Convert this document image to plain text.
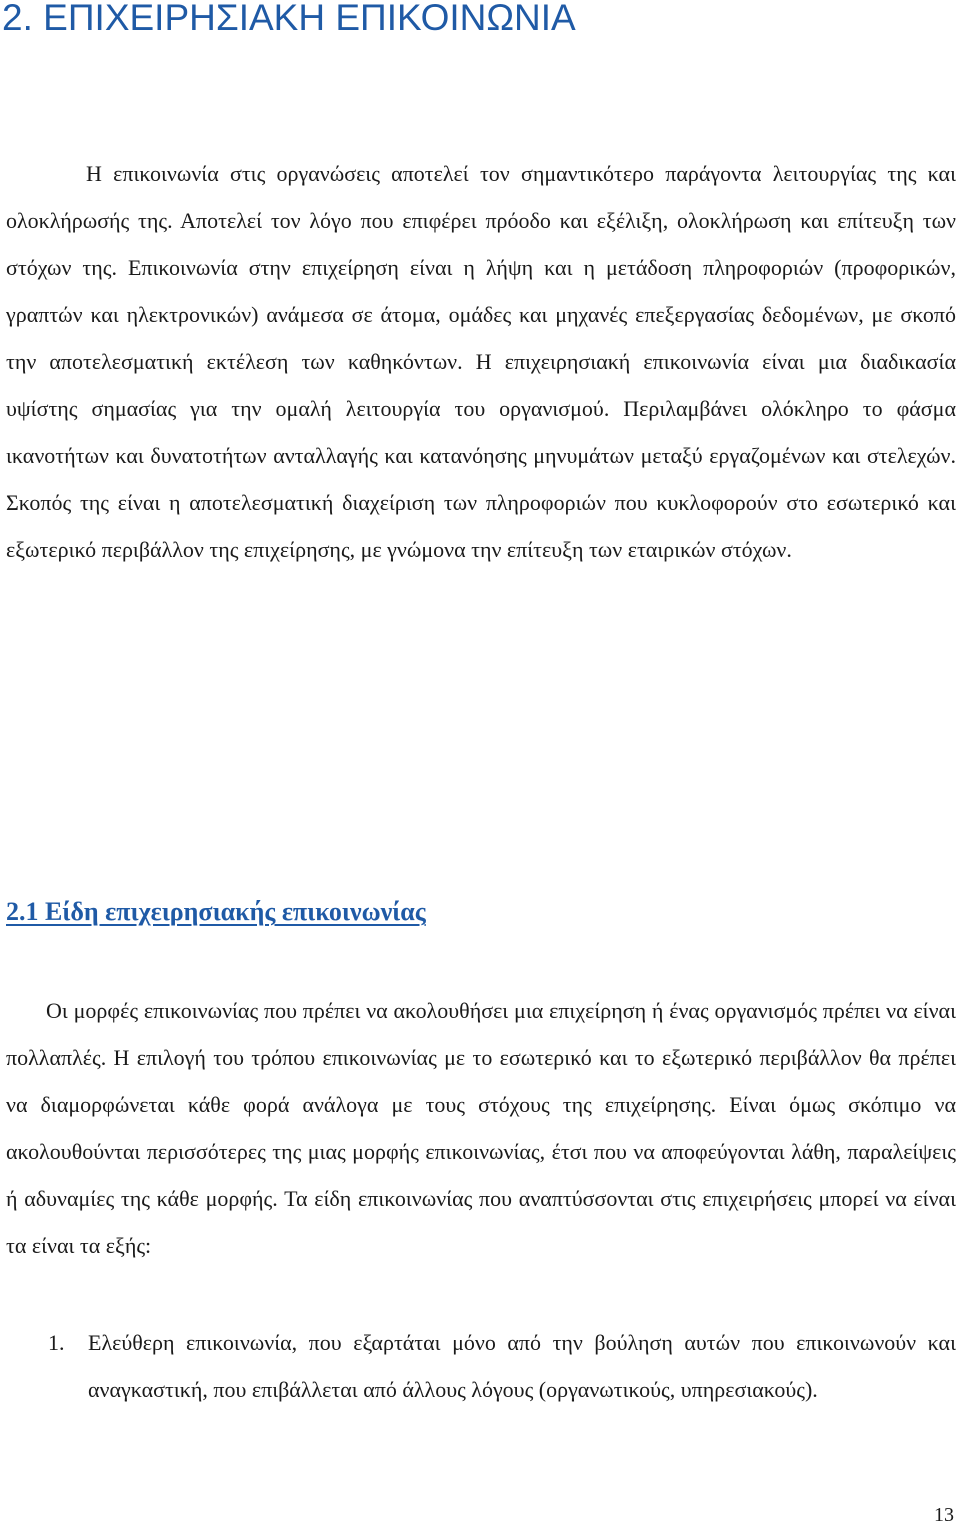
2. ΕΠΙΧΕΙΡΗΣΙΑΚΗ ΕΠΙΚΟΙΝΩΝΙΑ

Η επικοινωνία στις οργανώσεις αποτελεί τον σημαντικότερο παράγοντα λειτουργίας της και ολοκλήρωσής της. Αποτελεί τον λόγο που επιφέρει πρόοδο και εξέλιξη, ολοκλήρωση και επίτευξη των στόχων της. Επικοινωνία στην επιχείρηση είναι η λήψη και η μετάδοση πληροφοριών (προφορικών, γραπτών και ηλεκτρονικών) ανάμεσα σε άτομα, ομάδες και μηχανές επεξεργασίας δεδομένων, με σκοπό την αποτελεσματική εκτέλεση των καθηκόντων. Η επιχειρησιακή επικοινωνία είναι μια διαδικασία υψίστης σημασίας για την ομαλή λειτουργία του οργανισμού. Περιλαμβάνει ολόκληρο το φάσμα ικανοτήτων και δυνατοτήτων ανταλλαγής και κατανόησης μηνυμάτων μεταξύ εργαζομένων και στελεχών. Σκοπός της είναι η αποτελεσματική διαχείριση των πληροφοριών που κυκλοφορούν στο εσωτερικό και εξωτερικό περιβάλλον της επιχείρησης, με γνώμονα την επίτευξη των εταιρικών στόχων.

2.1 Είδη επιχειρησιακής επικοινωνίας

Οι μορφές επικοινωνίας που πρέπει να ακολουθήσει μια επιχείρηση ή ένας οργανισμός πρέπει να είναι πολλαπλές. Η επιλογή του τρόπου επικοινωνίας με το εσωτερικό και το εξωτερικό περιβάλλον θα πρέπει να διαμορφώνεται κάθε φορά ανάλογα με τους στόχους της επιχείρησης. Είναι όμως σκόπιμο να ακολουθούνται περισσότερες της μιας μορφής επικοινωνίας, έτσι που να αποφεύγονται λάθη, παραλείψεις ή αδυναμίες της κάθε μορφής. Τα είδη επικοινωνίας που αναπτύσσονται στις επιχειρήσεις μπορεί να είναι τα είναι τα εξής:

1. Ελεύθερη επικοινωνία, που εξαρτάται μόνο από την βούληση αυτών που επικοινωνούν και αναγκαστική, που επιβάλλεται από άλλους λόγους (οργανωτικούς, υπηρεσιακούς).

13
